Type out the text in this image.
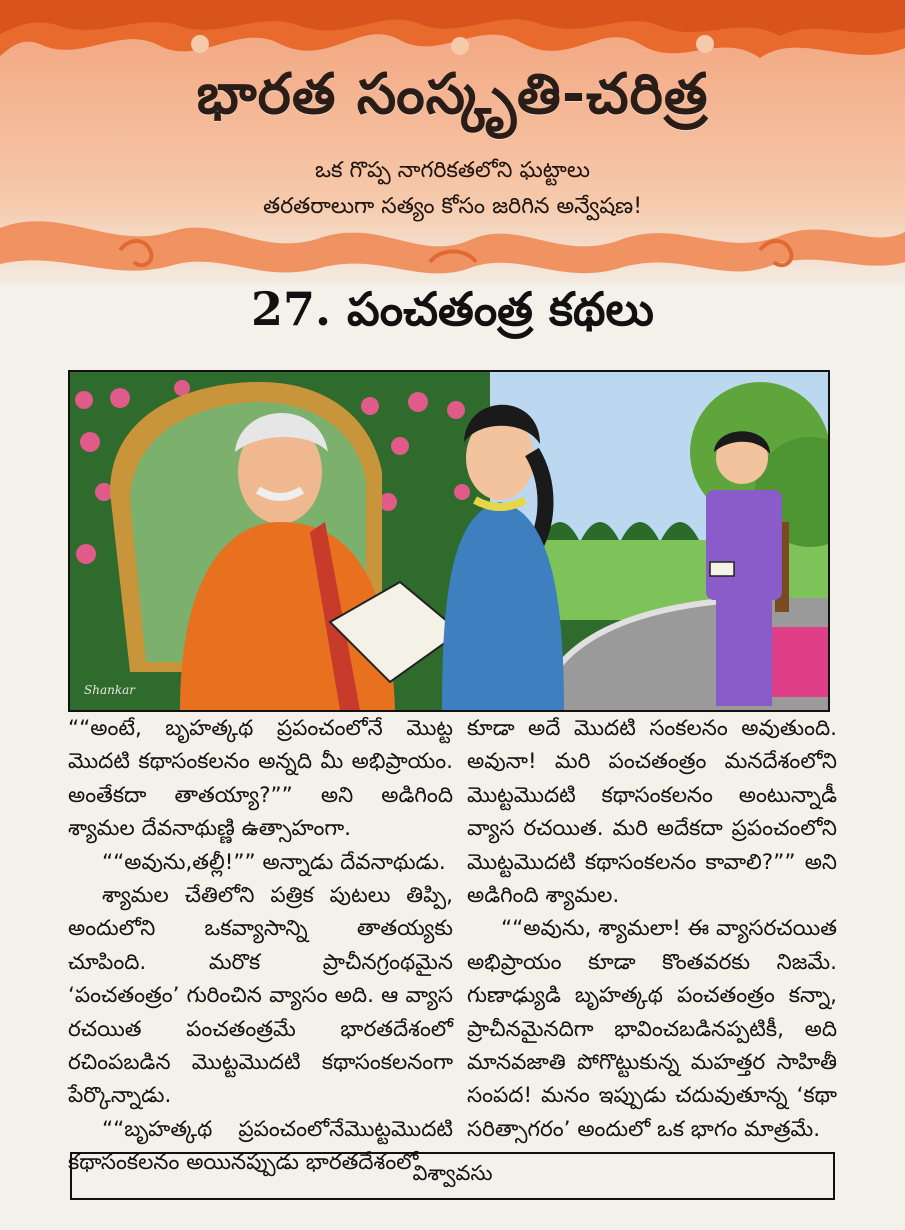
భారత సంస్కృతి-చరిత్ర
ఒక గొప్ప నాగరికతలోని ఘట్టాలు
తరతరాలుగా సత్యం కోసం జరిగిన అన్వేషణ!
27. పంచతంత్ర కథలు
Shankar

““అంటే, బృహత్కథ ప్రపంచంలోనే మొట్ట మొదటి కథాసంకలనం అన్నది మీ అభిప్రాయం. అంతేకదా తాతయ్యా?”” అని అడిగింది శ్యామల దేవనాథుణ్ణి ఉత్సాహంగా.

““అవును,తల్లీ!”” అన్నాడు దేవనాథుడు.

శ్యామల చేతిలోని పత్రిక పుటలు తిప్పి, అందులోని ఒకవ్యాసాన్ని తాతయ్యకు చూపింది. మరొక ప్రాచీనగ్రంథమైన ‘పంచతంత్రం’ గురించిన వ్యాసం అది. ఆ వ్యాస రచయిత పంచతంత్రమే భారతదేశంలో రచింపబడిన మొట్టమొదటి కథాసంకలనంగా పేర్కొన్నాడు.

““బృహత్కథ ప్రపంచంలోనేమొట్టమొదటి కథాసంకలనం అయినప్పుడు భారతదేశంలో

కూడా అదే మొదటి సంకలనం అవుతుంది. అవునా! మరి పంచతంత్రం మనదేశంలోని మొట్టమొదటి కథాసంకలనం అంటున్నాడీ వ్యాస రచయిత. మరి అదేకదా ప్రపంచంలోని మొట్టమొదటి కథాసంకలనం కావాలి?”” అని అడిగింది శ్యామల.

““అవును, శ్యామలా! ఈ వ్యాసరచయిత అభిప్రాయం కూడా కొంతవరకు నిజమే. గుణాఢ్యుడి బృహత్కథ పంచతంత్రం కన్నా, ప్రాచీనమైనదిగా భావించబడినప్పటికీ, అది మానవజాతి పోగొట్టుకున్న మహత్తర సాహితీ సంపద! మనం ఇప్పుడు చదువుతూన్న ‘కథా సరిత్సాగరం’ అందులో ఒక భాగం మాత్రమే.

విశ్వావసు
